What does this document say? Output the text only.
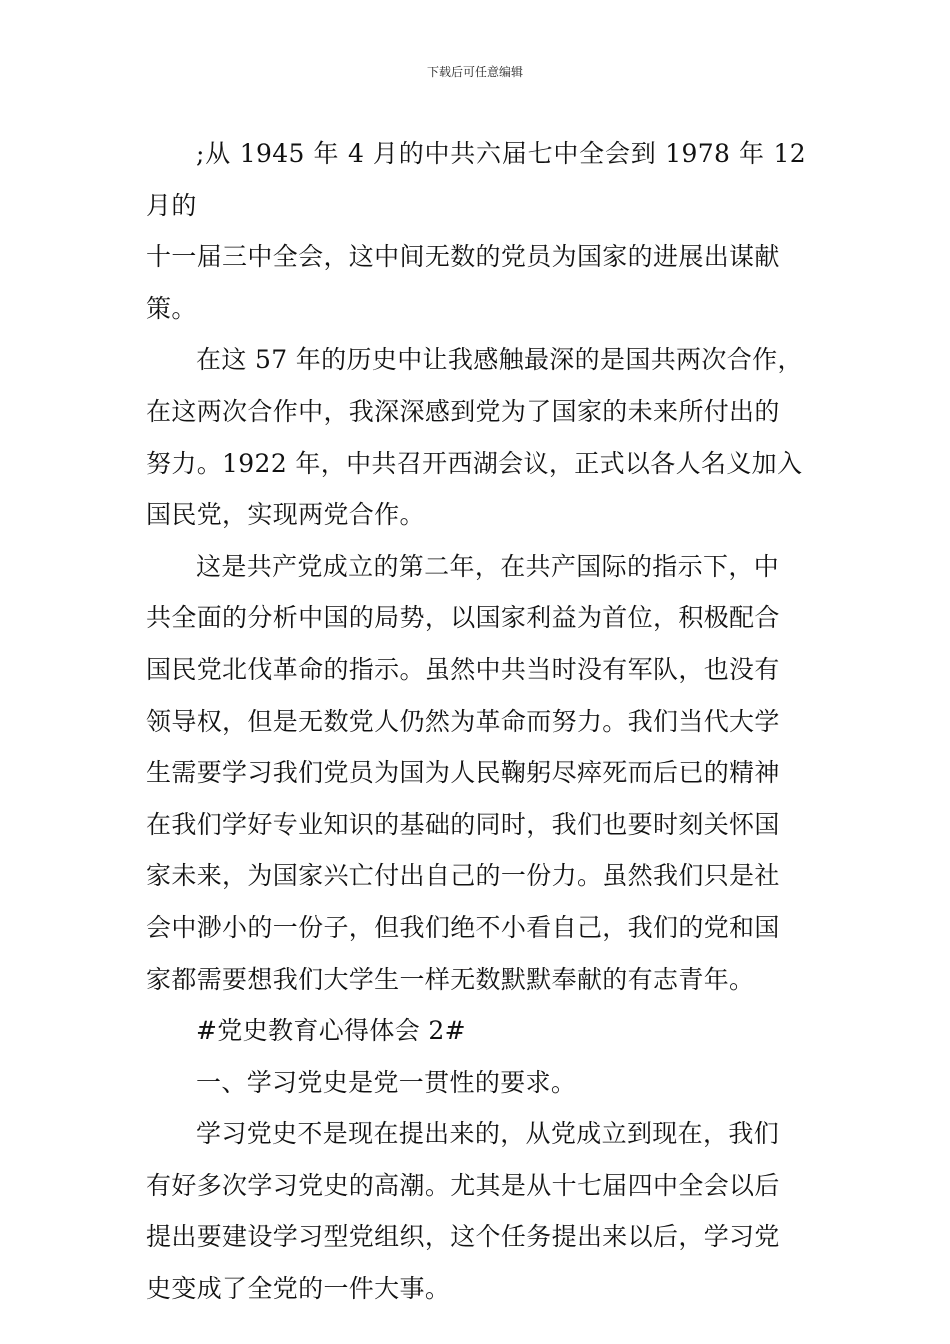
下载后可任意编辑

;从 1945 年 4 月的中共六届七中全会到 1978 年 12 月的
十一届三中全会，这中间无数的党员为国家的进展出谋献
策。

在这 57 年的历史中让我感触最深的是国共两次合作，
在这两次合作中，我深深感到党为了国家的未来所付出的
努力。1922 年，中共召开西湖会议，正式以各人名义加入
国民党，实现两党合作。

这是共产党成立的第二年，在共产国际的指示下，中
共全面的分析中国的局势，以国家利益为首位，积极配合
国民党北伐革命的指示。虽然中共当时没有军队，也没有
领导权，但是无数党人仍然为革命而努力。我们当代大学
生需要学习我们党员为国为人民鞠躬尽瘁死而后已的精神
在我们学好专业知识的基础的同时，我们也要时刻关怀国
家未来，为国家兴亡付出自己的一份力。虽然我们只是社
会中渺小的一份子，但我们绝不小看自己，我们的党和国
家都需要想我们大学生一样无数默默奉献的有志青年。

#党史教育心得体会 2#

一、学习党史是党一贯性的要求。

学习党史不是现在提出来的，从党成立到现在，我们
有好多次学习党史的高潮。尤其是从十七届四中全会以后
提出要建设学习型党组织，这个任务提出来以后，学习党
史变成了全党的一件大事。
